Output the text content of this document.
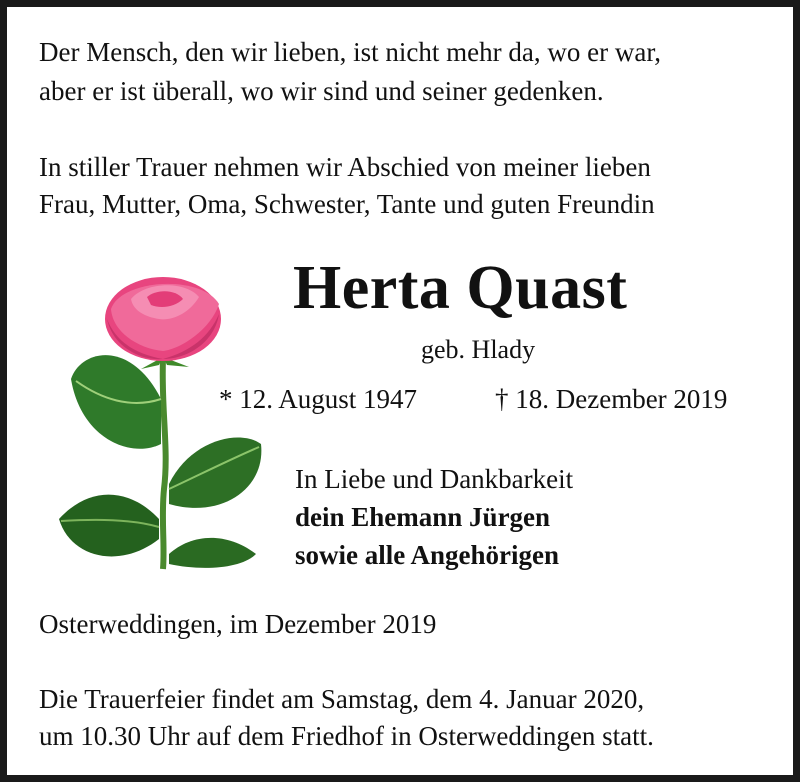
Der Mensch, den wir lieben, ist nicht mehr da, wo er war,
aber er ist überall, wo wir sind und seiner gedenken.
In stiller Trauer nehmen wir Abschied von meiner lieben
Frau, Mutter, Oma, Schwester, Tante und guten Freundin
Herta Quast
geb. Hlady
* 12. August 1947	† 18. Dezember 2019
In Liebe und Dankbarkeit
dein Ehemann Jürgen
sowie alle Angehörigen
Osterweddingen, im Dezember 2019
Die Trauerfeier findet am Samstag, dem 4. Januar 2020,
um 10.30 Uhr auf dem Friedhof in Osterweddingen statt.
